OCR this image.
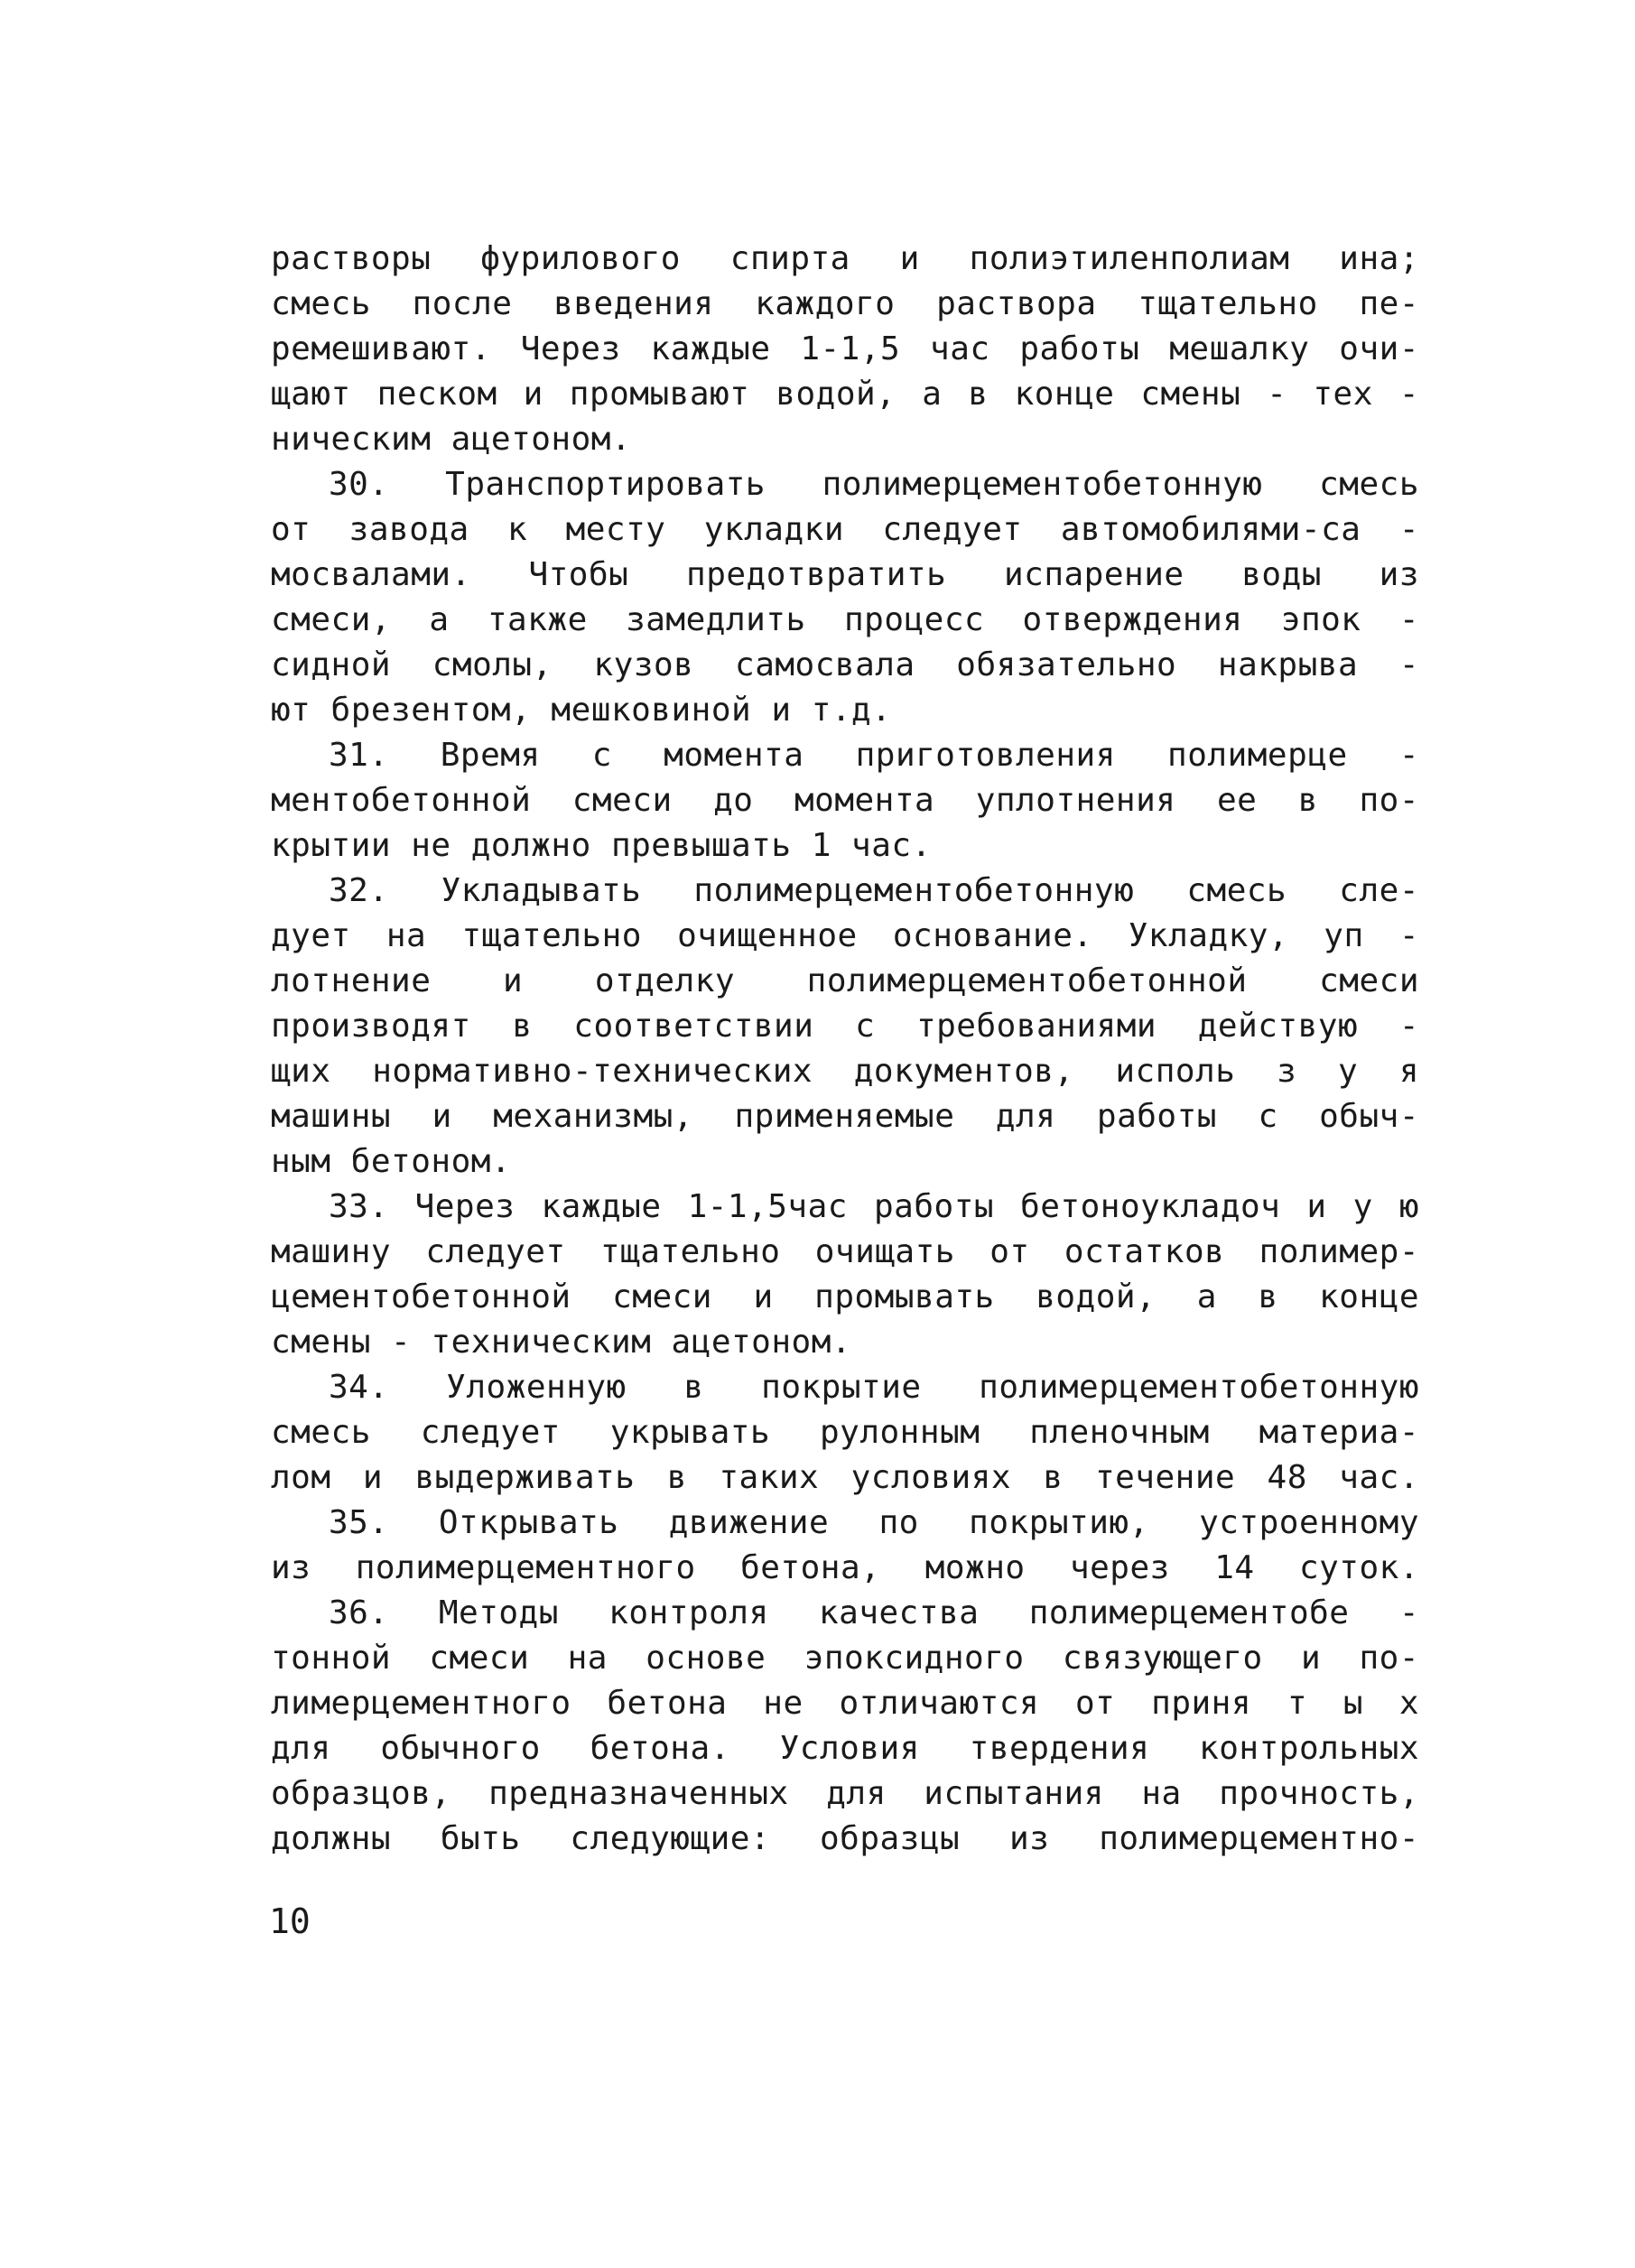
растворы фурилового спирта и полиэтиленполиам ина;
смесь после введения каждого раствора тщательно пе-
ремешивают. Через каждые 1-1,5 час работы мешалку очи-
щают песком и промывают водой, а в конце смены - тех -
ническим ацетоном.
30. Транспортировать полимерцементобетонную смесь
от завода к месту укладки следует автомобилями-са -
мосвалами. Чтобы предотвратить испарение воды из
смеси, а также замедлить процесс отверждения эпок -
сидной смолы, кузов самосвала обязательно накрыва -
ют брезентом, мешковиной и т.д.
31. Время с момента приготовления полимерце -
ментобетонной смеси до момента уплотнения ее в по-
крытии не должно превышать 1 час.
32. Укладывать полимерцементобетонную смесь сле-
дует на тщательно очищенное основание. Укладку, уп -
лотнение и отделку полимерцементобетонной смеси
производят в соответствии с требованиями действую -
щих нормативно-технических документов, исполь з у я
машины и механизмы, применяемые для работы с обыч-
ным бетоном.
33. Через каждые 1-1,5час работы бетоноукладоч и у ю
машину следует тщательно очищать от остатков полимер-
цементобетонной смеси и промывать водой, а в конце
смены - техническим ацетоном.
34. Уложенную в покрытие полимерцементобетонную
смесь следует укрывать рулонным пленочным материа-
лом и выдерживать в таких условиях в течение 48 час.
35. Открывать движение по покрытию, устроенному
из полимерцементного бетона, можно через 14 суток.
36. Методы контроля качества полимерцементобе -
тонной смеси на основе эпоксидного связующего и по-
лимерцементного бетона не отличаются от приня т ы х
для обычного бетона. Условия твердения контрольных
образцов, предназначенных для испытания на прочность,
должны быть следующие: образцы из полимерцементно-
10
